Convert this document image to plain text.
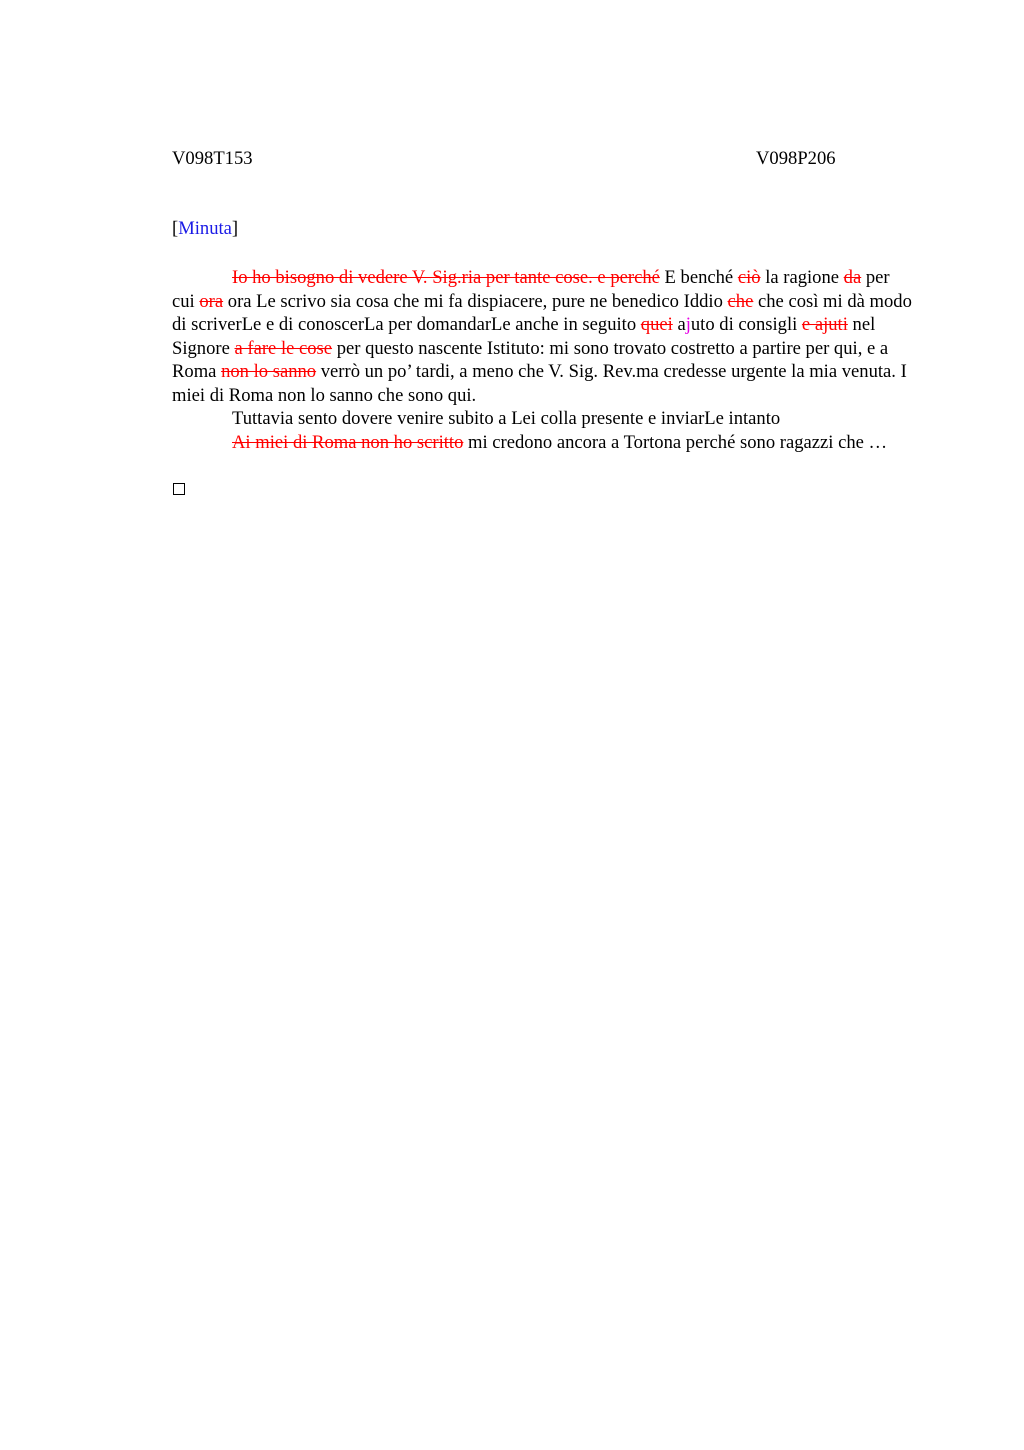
V098T153	V098P206
[Minuta]

Io ho bisogno di vedere V. Sig.ria per tante cose. e perché E benché ciò la ragione da per cui ora ora Le scrivo sia cosa che mi fa dispiacere, pure ne benedico Iddio che che così mi dà modo di scriverLe e di conoscerLa per domandarLe anche in seguito quei ajuto di consigli e ajuti nel Signore a fare le cose per questo nascente Istituto: mi sono trovato costretto a partire per qui, e a Roma non lo sanno verrò un po’ tardi, a meno che V. Sig. Rev.ma credesse urgente la mia venuta. I miei di Roma non lo sanno che sono qui.

Tuttavia sento dovere venire subito a Lei colla presente e inviarLe intanto

Ai miei di Roma non ho scritto mi credono ancora a Tortona perché sono ragazzi che …
